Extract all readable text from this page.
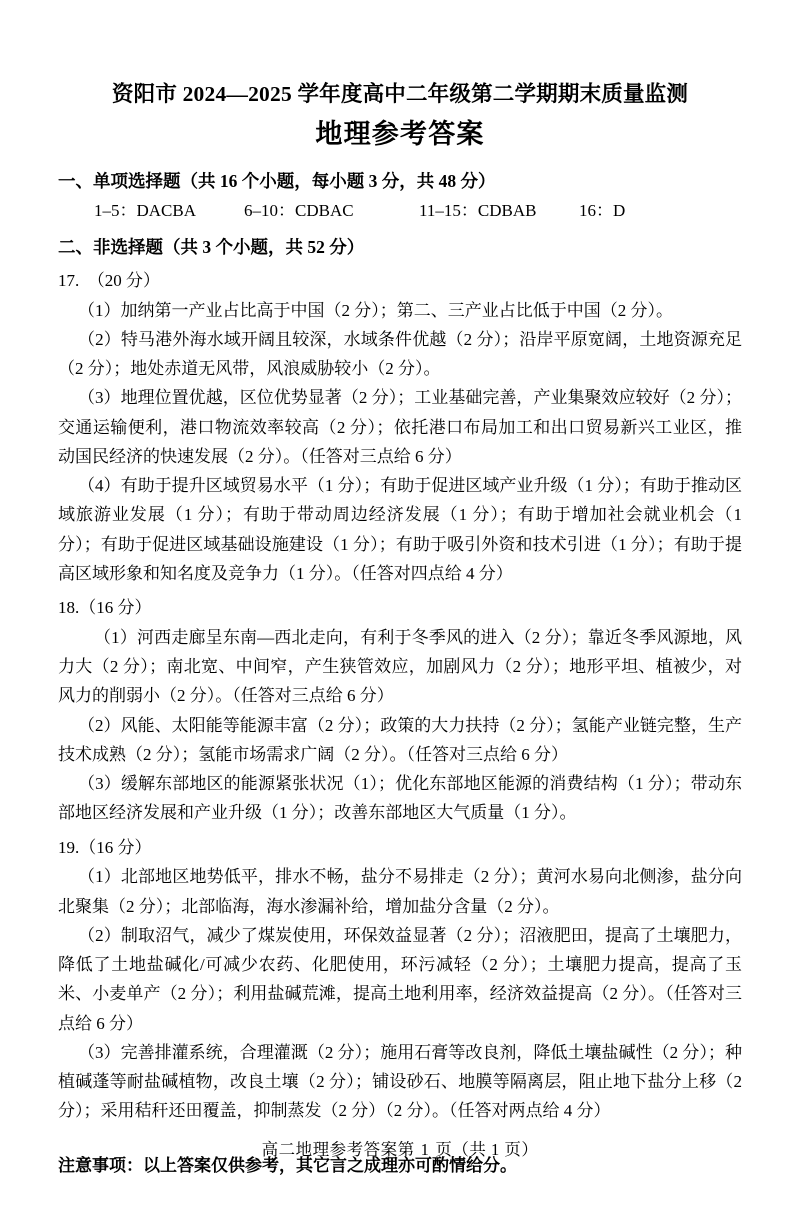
资阳市 2024—2025 学年度高中二年级第二学期期末质量监测
地理参考答案
一、单项选择题（共 16 个小题，每小题 3 分，共 48 分）
1–5：DACBA	6–10：CDBAC	11–15：CDBAB	16：D
二、非选择题（共 3 个小题，共 52 分）
17.　（20 分）
（1）加纳第一产业占比高于中国（2 分）；第二、三产业占比低于中国（2 分）。
（2）特马港外海水域开阔且较深，水域条件优越（2 分）；沿岸平原宽阔，土地资源充足（2 分）；地处赤道无风带，风浪威胁较小（2 分）。
（3）地理位置优越，区位优势显著（2 分）；工业基础完善，产业集聚效应较好（2 分）；交通运输便利，港口物流效率较高（2 分）；依托港口布局加工和出口贸易新兴工业区，推动国民经济的快速发展（2 分）。（任答对三点给 6 分）
（4）有助于提升区域贸易水平（1 分）；有助于促进区域产业升级（1 分）；有助于推动区域旅游业发展（1 分）；有助于带动周边经济发展（1 分）；有助于增加社会就业机会（1 分）；有助于促进区域基础设施建设（1 分）；有助于吸引外资和技术引进（1 分）；有助于提高区域形象和知名度及竞争力（1 分）。（任答对四点给 4 分）
18.（16 分）
（1）河西走廊呈东南—西北走向，有利于冬季风的进入（2 分）；靠近冬季风源地，风力大（2 分）；南北宽、中间窄，产生狭管效应，加剧风力（2 分）；地形平坦、植被少，对风力的削弱小（2 分）。（任答对三点给 6 分）
（2）风能、太阳能等能源丰富（2 分）；政策的大力扶持（2 分）；氢能产业链完整，生产技术成熟（2 分）；氢能市场需求广阔（2 分）。（任答对三点给 6 分）
（3）缓解东部地区的能源紧张状况（1）；优化东部地区能源的消费结构（1 分）；带动东部地区经济发展和产业升级（1 分）；改善东部地区大气质量（1 分）。
19.（16 分）
（1）北部地区地势低平，排水不畅，盐分不易排走（2 分）；黄河水易向北侧渗，盐分向北聚集（2 分）；北部临海，海水渗漏补给，增加盐分含量（2 分）。
（2）制取沼气，减少了煤炭使用，环保效益显著（2 分）；沼液肥田，提高了土壤肥力，降低了土地盐碱化/可减少农药、化肥使用，环污减轻（2 分）；土壤肥力提高，提高了玉米、小麦单产（2 分）；利用盐碱荒滩，提高土地利用率，经济效益提高（2 分）。（任答对三点给 6 分）
（3）完善排灌系统，合理灌溉（2 分）；施用石膏等改良剂，降低土壤盐碱性（2 分）；种植碱蓬等耐盐碱植物，改良土壤（2 分）；铺设砂石、地膜等隔离层，阻止地下盐分上移（2 分）；采用秸秆还田覆盖，抑制蒸发（2 分）（2 分）。（任答对两点给 4 分）
注意事项：以上答案仅供参考，其它言之成理亦可酌情给分。
高二地理参考答案第 1 页（共 1 页）
